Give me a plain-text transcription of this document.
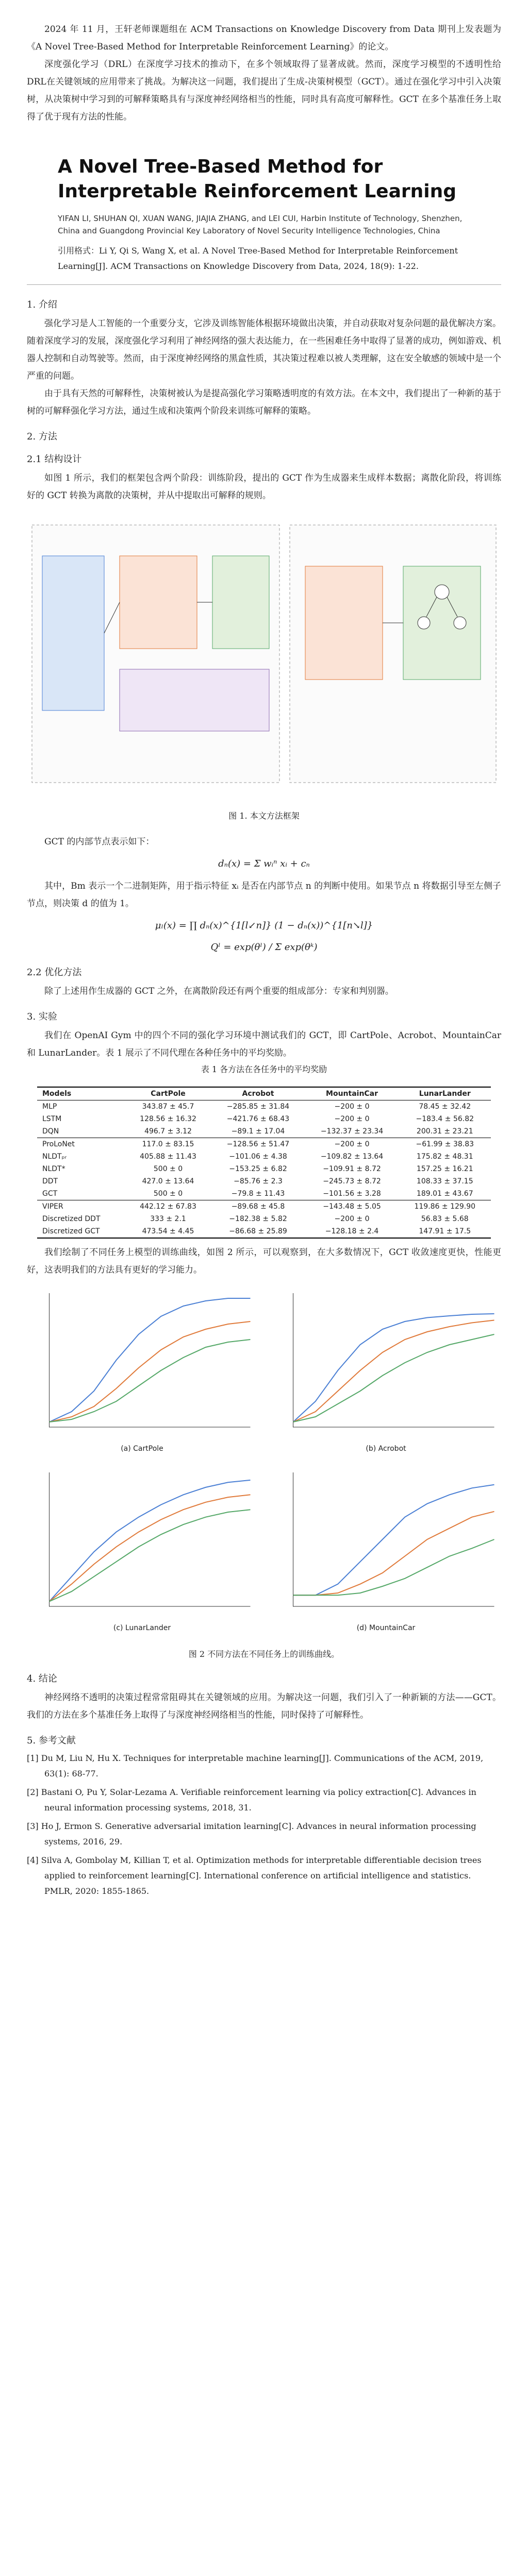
2024 年 11 月，王轩老师课题组在 ACM Transactions on Knowledge Discovery from Data 期刊上发表题为《A Novel Tree-Based Method for Interpretable Reinforcement Learning》的论文。

深度强化学习（DRL）在深度学习技术的推动下，在多个领域取得了显著成就。然而，深度学习模型的不透明性给DRL在关键领域的应用带来了挑战。为解决这一问题，我们提出了生成-决策树模型（GCT）。通过在强化学习中引入决策树，从决策树中学习到的可解释策略具有与深度神经网络相当的性能，同时具有高度可解释性。GCT 在多个基准任务上取得了优于现有方法的性能。

A Novel Tree-Based Method for Interpretable Reinforcement Learning
YIFAN LI, SHUHAN QI, XUAN WANG, JIAJIA ZHANG, and LEI CUI, Harbin Institute of Technology, Shenzhen, China and Guangdong Provincial Key Laboratory of Novel Security Intelligence Technologies, China
引用格式：Li Y, Qi S, Wang X, et al. A Novel Tree-Based Method for Interpretable Reinforcement Learning[J]. ACM Transactions on Knowledge Discovery from Data, 2024, 18(9): 1-22.
1. 介绍

强化学习是人工智能的一个重要分支，它涉及训练智能体根据环境做出决策，并自动获取对复杂问题的最优解决方案。随着深度学习的发展，深度强化学习利用了神经网络的强大表达能力，在一些困难任务中取得了显著的成功，例如游戏、机器人控制和自动驾驶等。然而，由于深度神经网络的黑盒性质，其决策过程难以被人类理解，这在安全敏感的领域中是一个严重的问题。

由于具有天然的可解释性，决策树被认为是提高强化学习策略透明度的有效方法。在本文中，我们提出了一种新的基于树的可解释强化学习方法，通过生成和决策两个阶段来训练可解释的策略。

2. 方法
2.1 结构设计

如图 1 所示，我们的框架包含两个阶段：训练阶段，提出的 GCT 作为生成器来生成样本数据；离散化阶段，将训练好的 GCT 转换为离散的决策树，并从中提取出可解释的规则。

图 1. 本文方法框架

GCT 的内部节点表示如下：

dₙ(x) = Σ wᵢⁿ xᵢ + cₙ

其中，Bm 表示一个二进制矩阵，用于指示特征 xᵢ 是否在内部节点 n 的判断中使用。如果节点 n 将数据引导至左侧子节点，则决策 d 的值为 1。

μₗ(x) = ∏ dₙ(x)^{1[l↙n]} (1 − dₙ(x))^{1[n↘l]}
Qˡ = exp(θˡ) / Σ exp(θᵏ)
2.2 优化方法

除了上述用作生成器的 GCT 之外，在离散阶段还有两个重要的组成部分：专家和判别器。

3. 实验

我们在 OpenAI Gym 中的四个不同的强化学习环境中测试我们的 GCT，即 CartPole、Acrobot、MountainCar 和 LunarLander。表 1 展示了不同代理在各种任务中的平均奖励。

表 1 各方法在各任务中的平均奖励
Models	CartPole	Acrobot	MountainCar	LunarLander
MLP	343.87 ± 45.7	−285.85 ± 31.84	−200 ± 0	78.45 ± 32.42
LSTM	128.56 ± 16.32	−421.76 ± 68.43	−200 ± 0	−183.4 ± 56.82
DQN	496.7 ± 3.12	−89.1 ± 17.04	−132.37 ± 23.34	200.31 ± 23.21
ProLoNet	117.0 ± 83.15	−128.56 ± 51.47	−200 ± 0	−61.99 ± 38.83
NLDTₚᵣ	405.88 ± 11.43	−101.06 ± 4.38	−109.82 ± 13.64	175.82 ± 48.31
NLDT*	500 ± 0	−153.25 ± 6.82	−109.91 ± 8.72	157.25 ± 16.21
DDT	427.0 ± 13.64	−85.76 ± 2.3	−245.73 ± 8.72	108.33 ± 37.15
GCT	500 ± 0	−79.8 ± 11.43	−101.56 ± 3.28	189.01 ± 43.67
VIPER	442.12 ± 67.83	−89.68 ± 45.8	−143.48 ± 5.05	119.86 ± 129.90
Discretized DDT	333 ± 2.1	−182.38 ± 5.82	−200 ± 0	56.83 ± 5.68
Discretized GCT	473.54 ± 4.45	−86.68 ± 25.89	−128.18 ± 2.4	147.91 ± 17.5

我们绘制了不同任务上模型的训练曲线，如图 2 所示，可以观察到，在大多数情况下，GCT 收敛速度更快，性能更好，这表明我们的方法具有更好的学习能力。

(a) CartPole	(b) Acrobot
(c) LunarLander	(d) MountainCar
图 2 不同方法在不同任务上的训练曲线。
4. 结论

神经网络不透明的决策过程常常阻碍其在关键领域的应用。为解决这一问题，我们引入了一种新颖的方法——GCT。我们的方法在多个基准任务上取得了与深度神经网络相当的性能，同时保持了可解释性。

5. 参考文献

[1] Du M, Liu N, Hu X. Techniques for interpretable machine learning[J]. Communications of the ACM, 2019, 63(1): 68-77.

[2] Bastani O, Pu Y, Solar-Lezama A. Verifiable reinforcement learning via policy extraction[C]. Advances in neural information processing systems, 2018, 31.

[3] Ho J, Ermon S. Generative adversarial imitation learning[C]. Advances in neural information processing systems, 2016, 29.

[4] Silva A, Gombolay M, Killian T, et al. Optimization methods for interpretable differentiable decision trees applied to reinforcement learning[C]. International conference on artificial intelligence and statistics. PMLR, 2020: 1855-1865.
